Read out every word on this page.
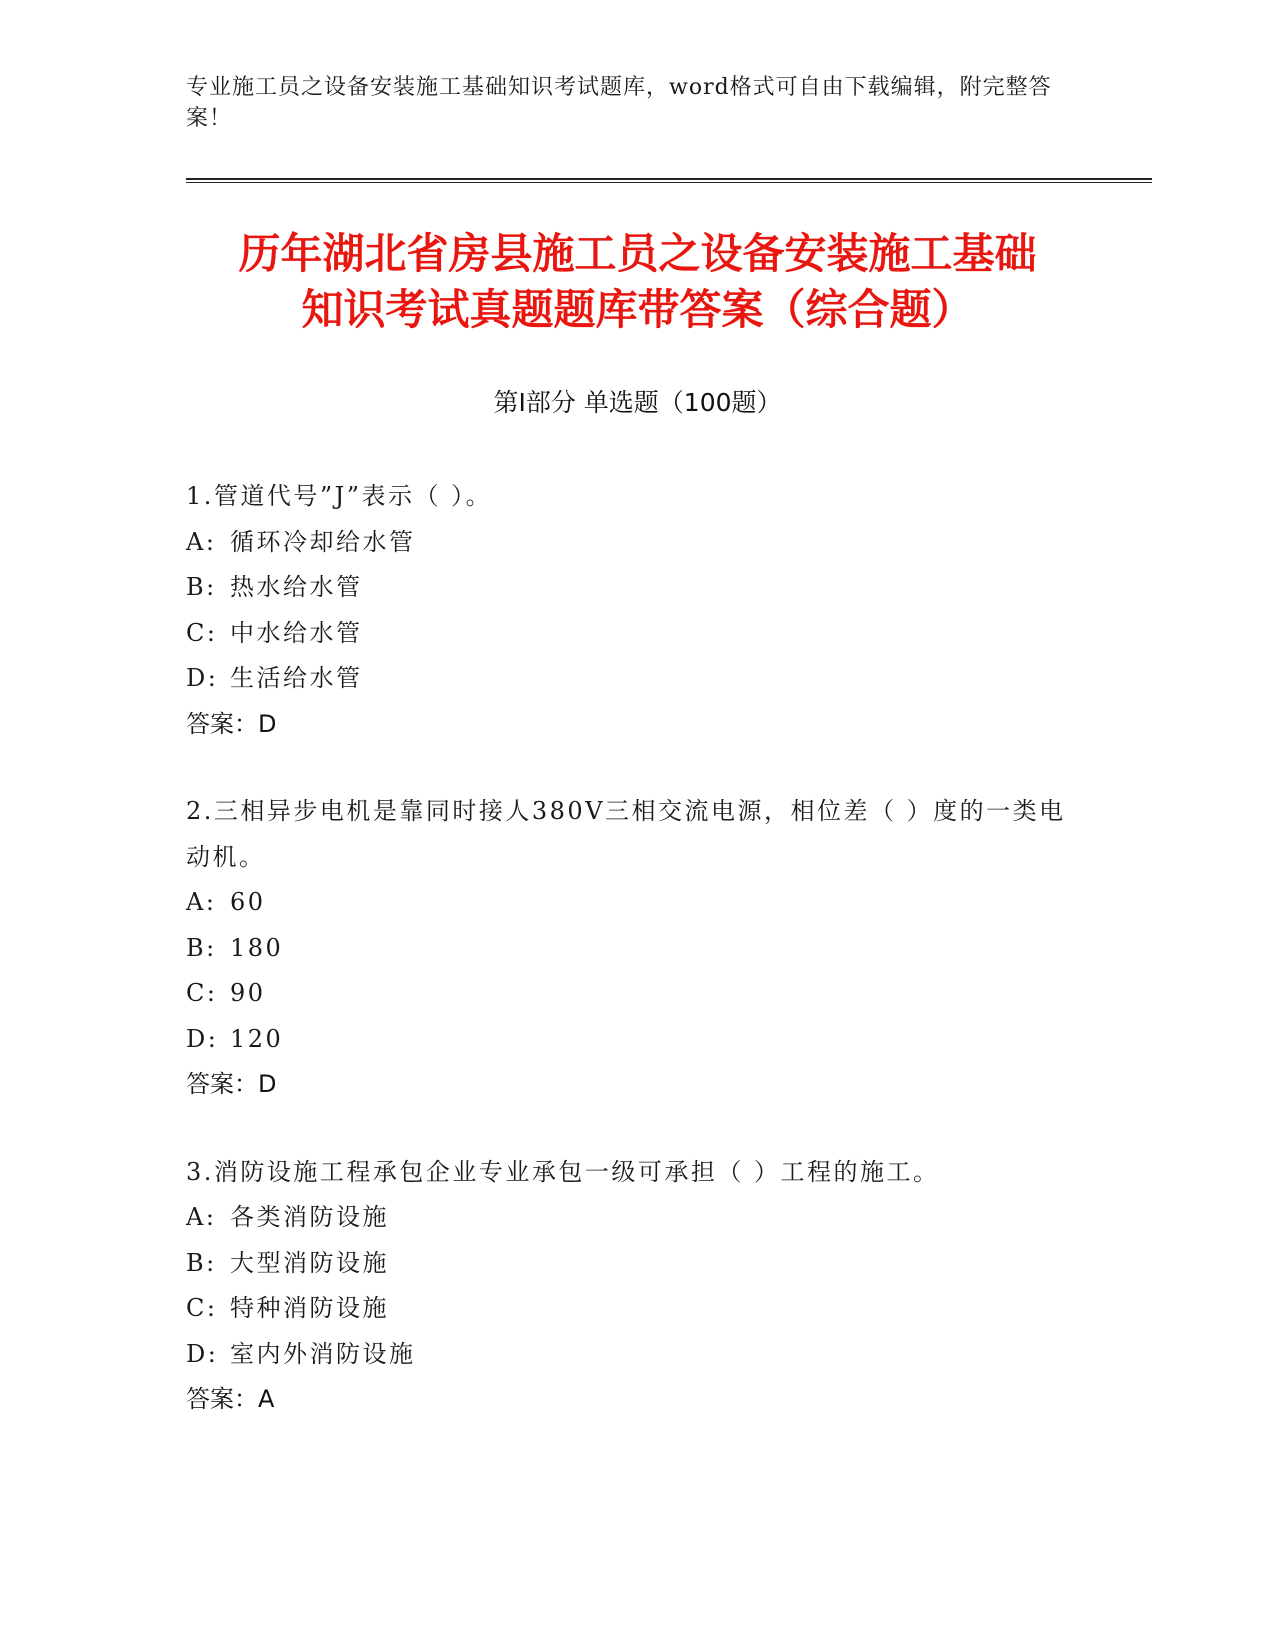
专业施工员之设备安装施工基础知识考试题库，word格式可自由下载编辑，附完整答案！
历年湖北省房县施工员之设备安装施工基础
知识考试真题题库带答案（综合题）
第Ⅰ部分 单选题（100题）
1.管道代号”J”表示（ ）。
A: 循环冷却给水管
B: 热水给水管
C: 中水给水管
D: 生活给水管
答案：D
2.三相异步电机是靠同时接人380V三相交流电源，相位差（ ）度的一类电动机。
A: 60
B: 180
C: 90
D: 120
答案：D
3.消防设施工程承包企业专业承包一级可承担（ ）工程的施工。
A: 各类消防设施
B: 大型消防设施
C: 特种消防设施
D: 室内外消防设施
答案：A
